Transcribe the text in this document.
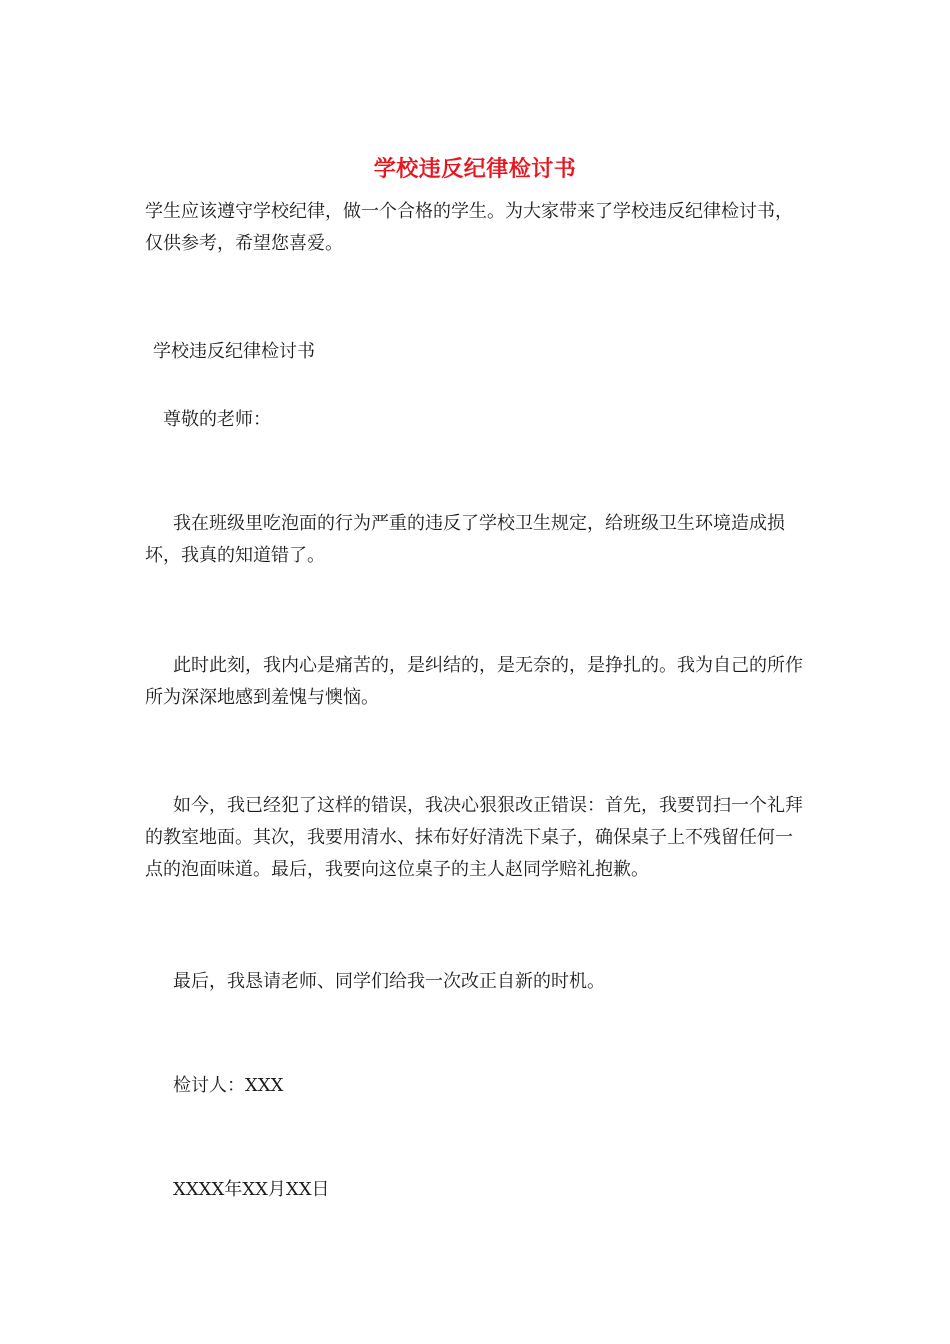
学校违反纪律检讨书

学生应该遵守学校纪律，做一个合格的学生。为大家带来了学校违反纪律检讨书，仅供参考，希望您喜爱。

学校违反纪律检讨书

尊敬的老师：

我在班级里吃泡面的行为严重的违反了学校卫生规定，给班级卫生环境造成损坏，我真的知道错了。

此时此刻，我内心是痛苦的，是纠结的，是无奈的，是挣扎的。我为自己的所作所为深深地感到羞愧与懊恼。

如今，我已经犯了这样的错误，我决心狠狠改正错误：首先，我要罚扫一个礼拜的教室地面。其次，我要用清水、抹布好好清洗下桌子，确保桌子上不残留任何一点的泡面味道。最后，我要向这位桌子的主人赵同学赔礼抱歉。

最后，我恳请老师、同学们给我一次改正自新的时机。

检讨人：XXX

XXXX年XX月XX日
